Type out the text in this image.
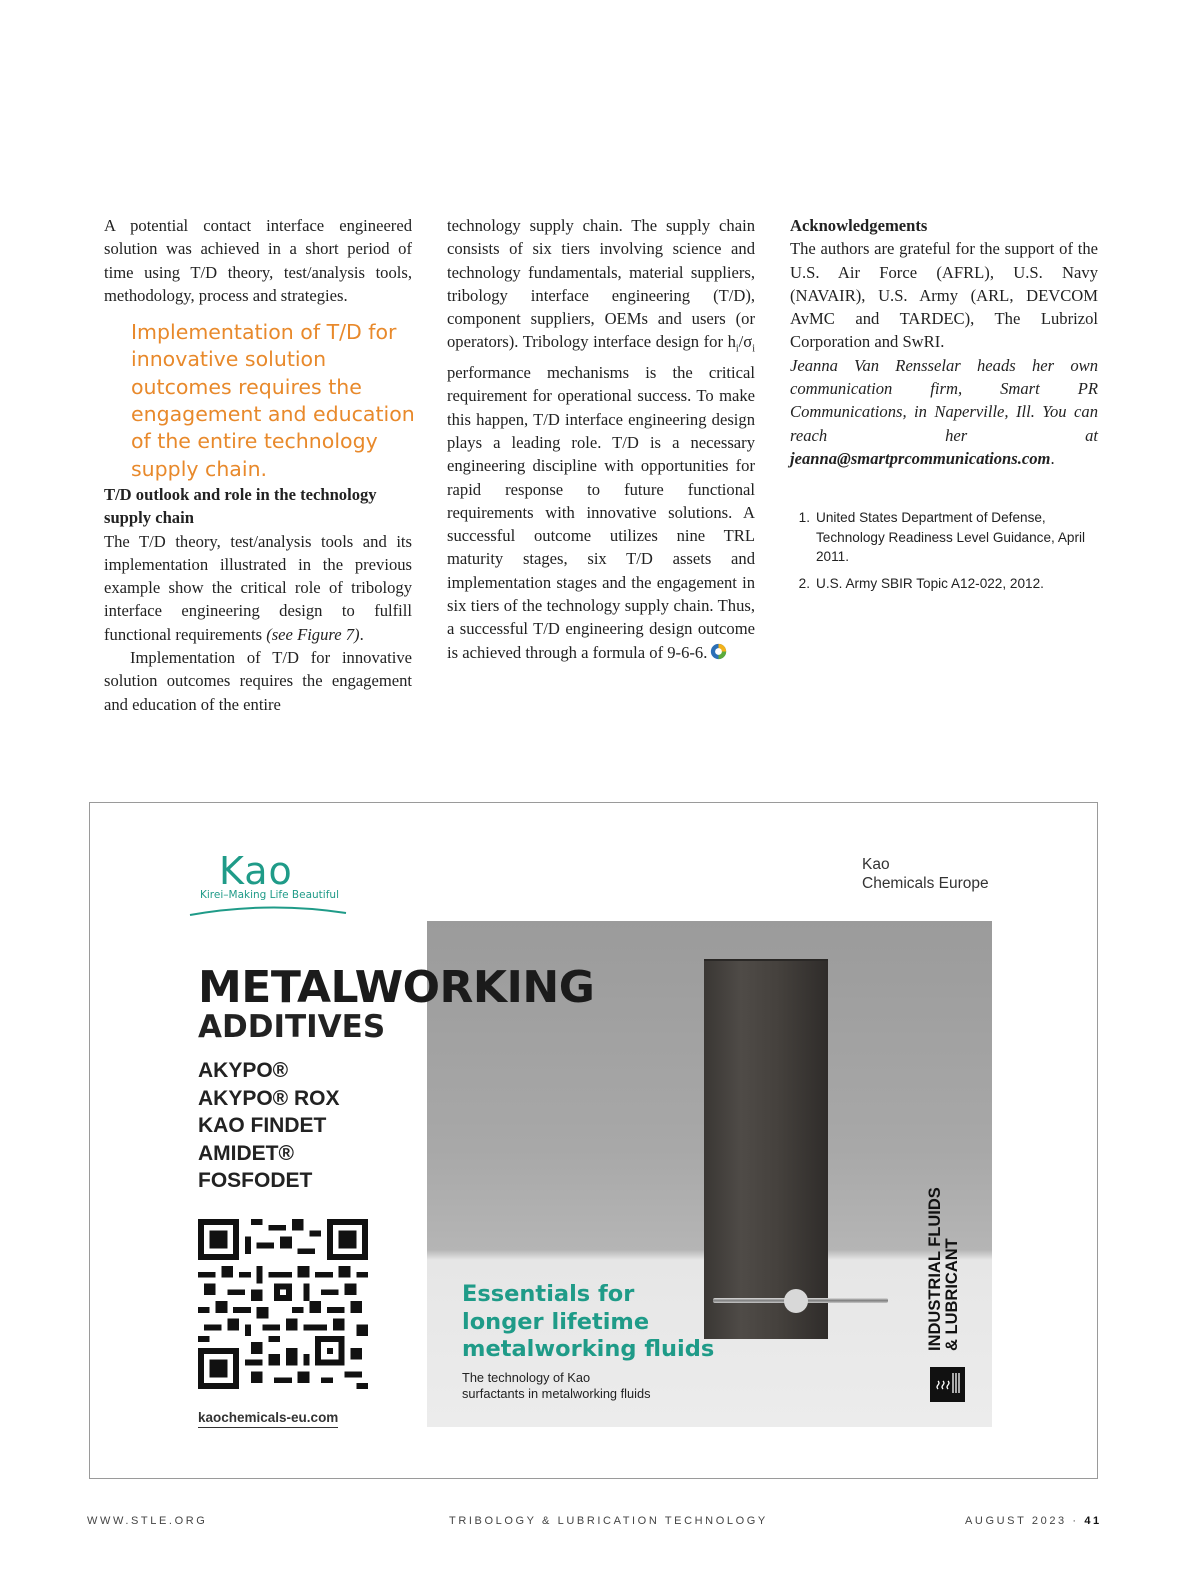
A potential contact interface engineered solution was achieved in a short period of time using T/D theory, test/analysis tools, methodology, process and strategies.

Implementation of T/D for innovative solution outcomes requires the engagement and education of the entire technology supply chain.

T/D outlook and role in the technology supply chain

The T/D theory, test/analysis tools and its implementation illustrated in the previous example show the critical role of tribology interface engineering design to fulfill functional requirements (see Figure 7).

Implementation of T/D for innovative solution outcomes requires the engagement and education of the entire

technology supply chain. The supply chain consists of six tiers involving science and technology fundamentals, material suppliers, tribology interface engineering (T/D), component suppliers, OEMs and users (or operators). Tribology interface design for $h_i/\sigma_i$ performance mechanisms is the critical requirement for operational success. To make this happen, T/D interface engineering design plays a leading role. T/D is a necessary engineering discipline with opportunities for rapid response to future functional requirements with innovative solutions. A successful outcome utilizes nine TRL maturity stages, six T/D assets and implementation stages and the engagement in six tiers of the technology supply chain. Thus, a successful T/D engineering design outcome is achieved through a formula of 9-6-6.

Acknowledgements

The authors are grateful for the support of the U.S. Air Force (AFRL), U.S. Navy (NAVAIR), U.S. Army (ARL, DEVCOM AvMC and TARDEC), The Lubrizol Corporation and SwRI.

Jeanna Van Rensselar heads her own communication firm, Smart PR Communications, in Naperville, Ill. You can reach her at jeanna@smartprcommunications.com.

1. United States Department of Defense, Technology Readiness Level Guidance, April 2011.
2. U.S. Army SBIR Topic A12-022, 2012.
Kao
Kirei–Making Life Beautiful
Kao
Chemicals Europe
Essentials for
longer lifetime
metalworking fluids
The technology of Kao
surfactants in metalworking fluids
INDUSTRIAL FLUIDS & LUBRICANT
METALWORKING
ADDITIVES
AKYPO®
AKYPO® ROX
KAO FINDET
AMIDET®
FOSFODET
kaochemicals-eu.com
WWW.STLE.ORG	TRIBOLOGY & LUBRICATION TECHNOLOGY	AUGUST 2023 · 41
